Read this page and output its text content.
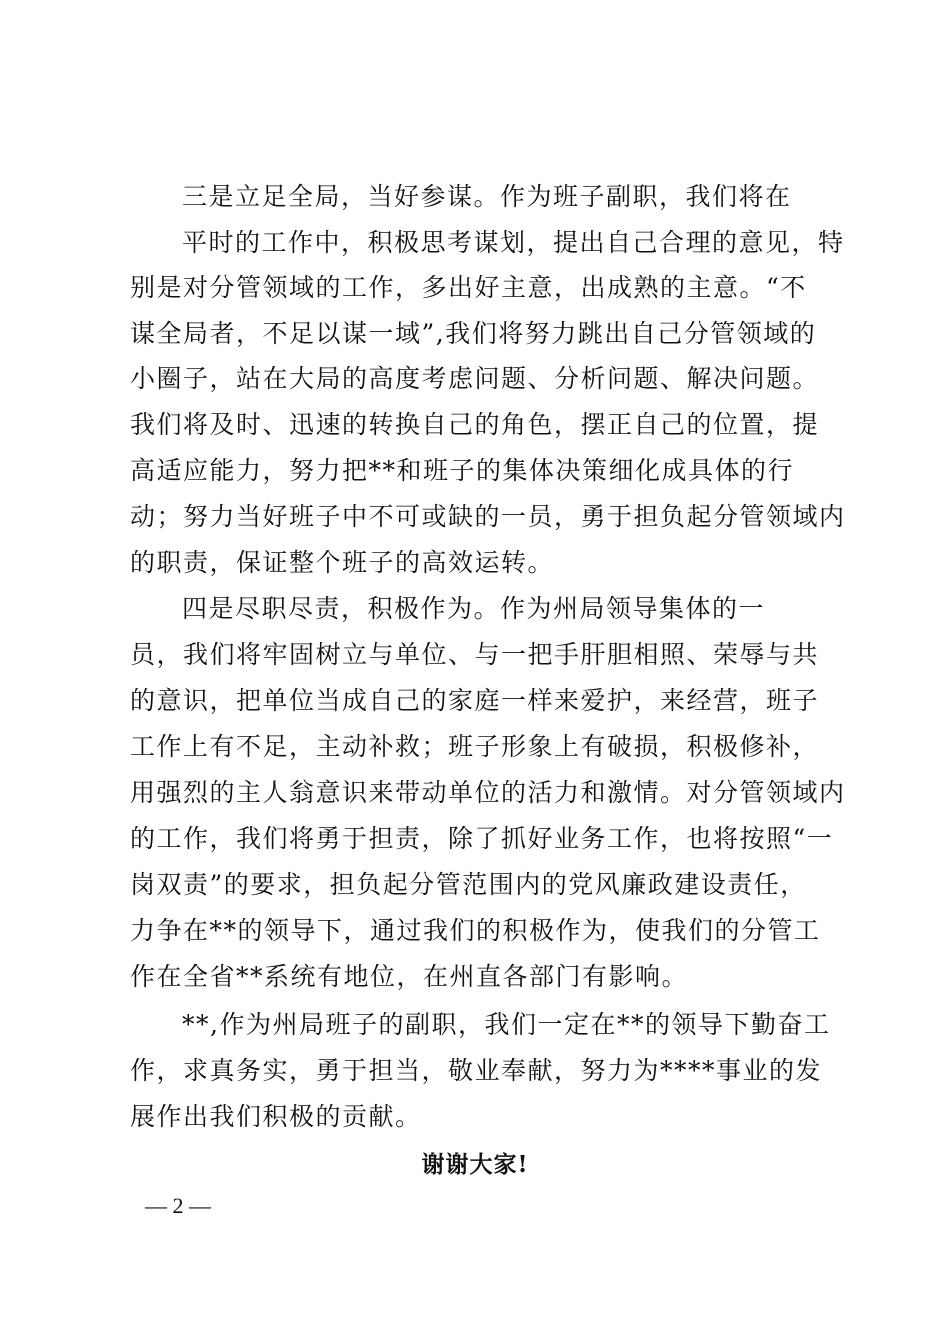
三是立足全局，当好参谋。作为班子副职，我们将在
平时的工作中，积极思考谋划，提出自己合理的意见，特
别是对分管领域的工作，多出好主意，出成熟的主意。“不
谋全局者，不足以谋一域”,我们将努力跳出自己分管领域的
小圈子，站在大局的高度考虑问题、分析问题、解决问题。
我们将及时、迅速的转换自己的角色，摆正自己的位置，提
高适应能力，努力把**和班子的集体决策细化成具体的行
动；努力当好班子中不可或缺的一员，勇于担负起分管领域内
的职责，保证整个班子的高效运转。
四是尽职尽责，积极作为。作为州局领导集体的一
员，我们将牢固树立与单位、与一把手肝胆相照、荣辱与共
的意识，把单位当成自己的家庭一样来爱护，来经营，班子
工作上有不足，主动补救；班子形象上有破损，积极修补，
用强烈的主人翁意识来带动单位的活力和激情。对分管领域内
的工作，我们将勇于担责，除了抓好业务工作，也将按照“一
岗双责”的要求，担负起分管范围内的党风廉政建设责任，
力争在**的领导下，通过我们的积极作为，使我们的分管工
作在全省**系统有地位，在州直各部门有影响。
**,作为州局班子的副职，我们一定在**的领导下勤奋工
作，求真务实，勇于担当，敬业奉献，努力为****事业的发
展作出我们积极的贡献。
谢谢大家!
— 2 —
